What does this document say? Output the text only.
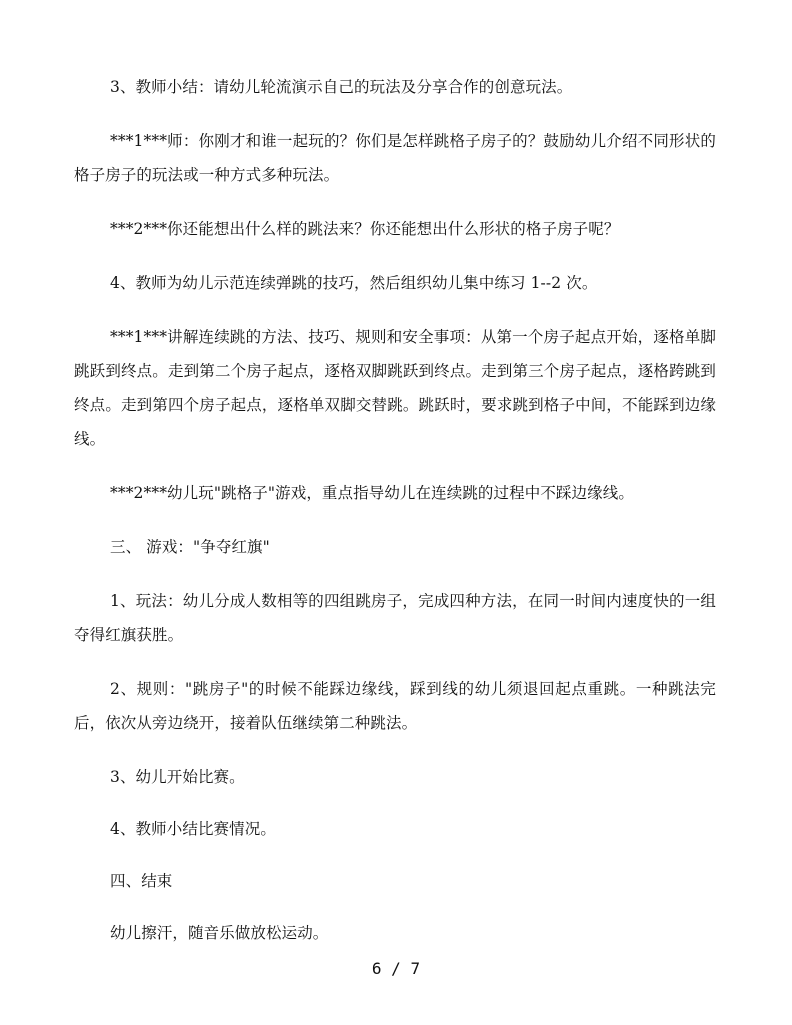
3、教师小结：请幼儿轮流演示自己的玩法及分享合作的创意玩法。

***1***师：你刚才和谁一起玩的？你们是怎样跳格子房子的？鼓励幼儿介绍不同形状的格子房子的玩法或一种方式多种玩法。

***2***你还能想出什么样的跳法来？你还能想出什么形状的格子房子呢？

4、教师为幼儿示范连续弹跳的技巧，然后组织幼儿集中练习 1--2 次。

***1***讲解连续跳的方法、技巧、规则和安全事项：从第一个房子起点开始，逐格单脚跳跃到终点。走到第二个房子起点，逐格双脚跳跃到终点。走到第三个房子起点，逐格跨跳到终点。走到第四个房子起点，逐格单双脚交替跳。跳跃时，要求跳到格子中间，不能踩到边缘线。

***2***幼儿玩"跳格子"游戏，重点指导幼儿在连续跳的过程中不踩边缘线。

三、 游戏："争夺红旗"

1、玩法：幼儿分成人数相等的四组跳房子，完成四种方法，在同一时间内速度快的一组夺得红旗获胜。

2、规则："跳房子"的时候不能踩边缘线，踩到线的幼儿须退回起点重跳。一种跳法完后，依次从旁边绕开，接着队伍继续第二种跳法。

3、幼儿开始比赛。

4、教师小结比赛情况。

四、结束

幼儿擦汗，随音乐做放松运动。

6 / 7
